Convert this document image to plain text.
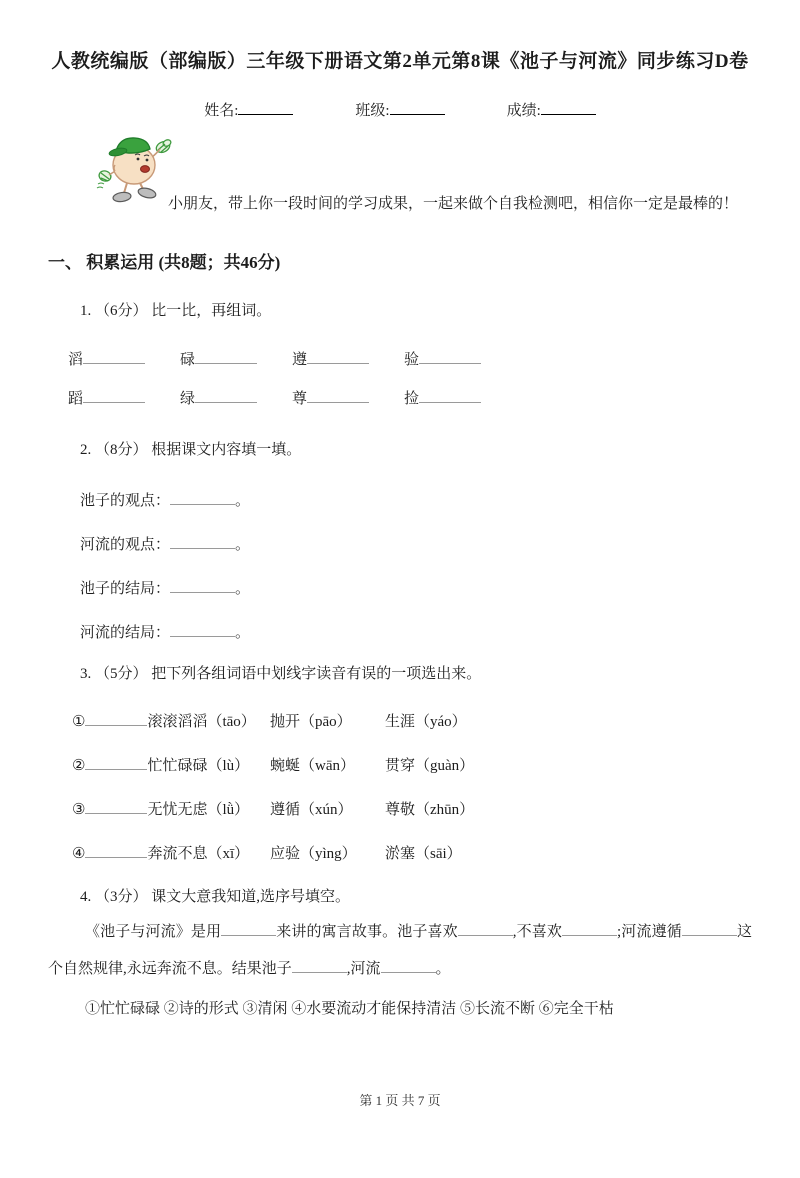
人教统编版（部编版）三年级下册语文第2单元第8课《池子与河流》同步练习D卷
姓名:	班级:	成绩:
小朋友，带上你一段时间的学习成果，一起来做个自我检测吧，相信你一定是最棒的！
一、 积累运用 (共8题；共46分)
1. （6分） 比一比，再组词。
滔	碌	遵	验
蹈	绿	尊	捡
2. （8分） 根据课文内容填一填。
池子的观点：	。
河流的观点：	。
池子的结局：	。
河流的结局：	。
3. （5分） 把下列各组词语中划线字读音有误的一项选出来。
①	滚滚滔滔（tāo） 抛开（pāo）	生涯（yáo）
②	忙忙碌碌（lù）	蜿蜒（wān）	贯穿（guàn）
③	无忧无虑（lǜ）	遵循（xún）	尊敬（zhūn）
④	奔流不息（xī）	应验（yìng）	淤塞（sāi）
4. （3分） 课文大意我知道,选序号填空。

《池子与河流》是用	来讲的寓言故事。池子喜欢	,不喜欢	;河流遵循	这个自然规律,永远奔流不息。结果池子	,河流	。

①忙忙碌碌 ②诗的形式 ③清闲 ④水要流动才能保持清洁 ⑤长流不断 ⑥完全干枯

第 1 页 共 7 页
